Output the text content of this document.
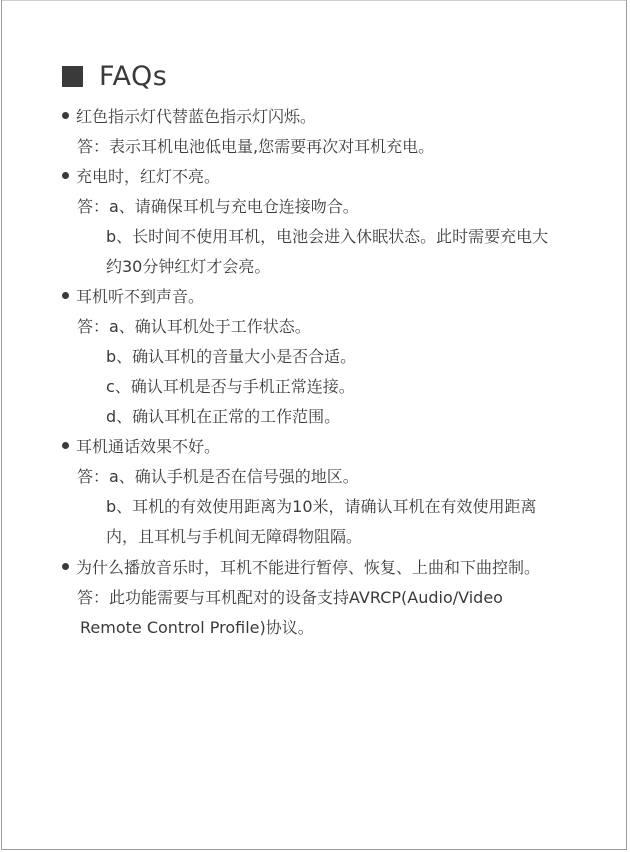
FAQs
红色指示灯代替蓝色指示灯闪烁。
答：表示耳机电池低电量,您需要再次对耳机充电。
充电时，红灯不亮。
答：a、请确保耳机与充电仓连接吻合。
b、长时间不使用耳机，电池会进入休眠状态。此时需要充电大
约30分钟红灯才会亮。
耳机听不到声音。
答：a、确认耳机处于工作状态。
b、确认耳机的音量大小是否合适。
c、确认耳机是否与手机正常连接。
d、确认耳机在正常的工作范围。
耳机通话效果不好。
答：a、确认手机是否在信号强的地区。
b、耳机的有效使用距离为10米，请确认耳机在有效使用距离
内，且耳机与手机间无障碍物阻隔。
为什么播放音乐时，耳机不能进行暂停、恢复、上曲和下曲控制。
答：此功能需要与耳机配对的设备支持AVRCP(Audio/Video
Remote Control Profile)协议。
